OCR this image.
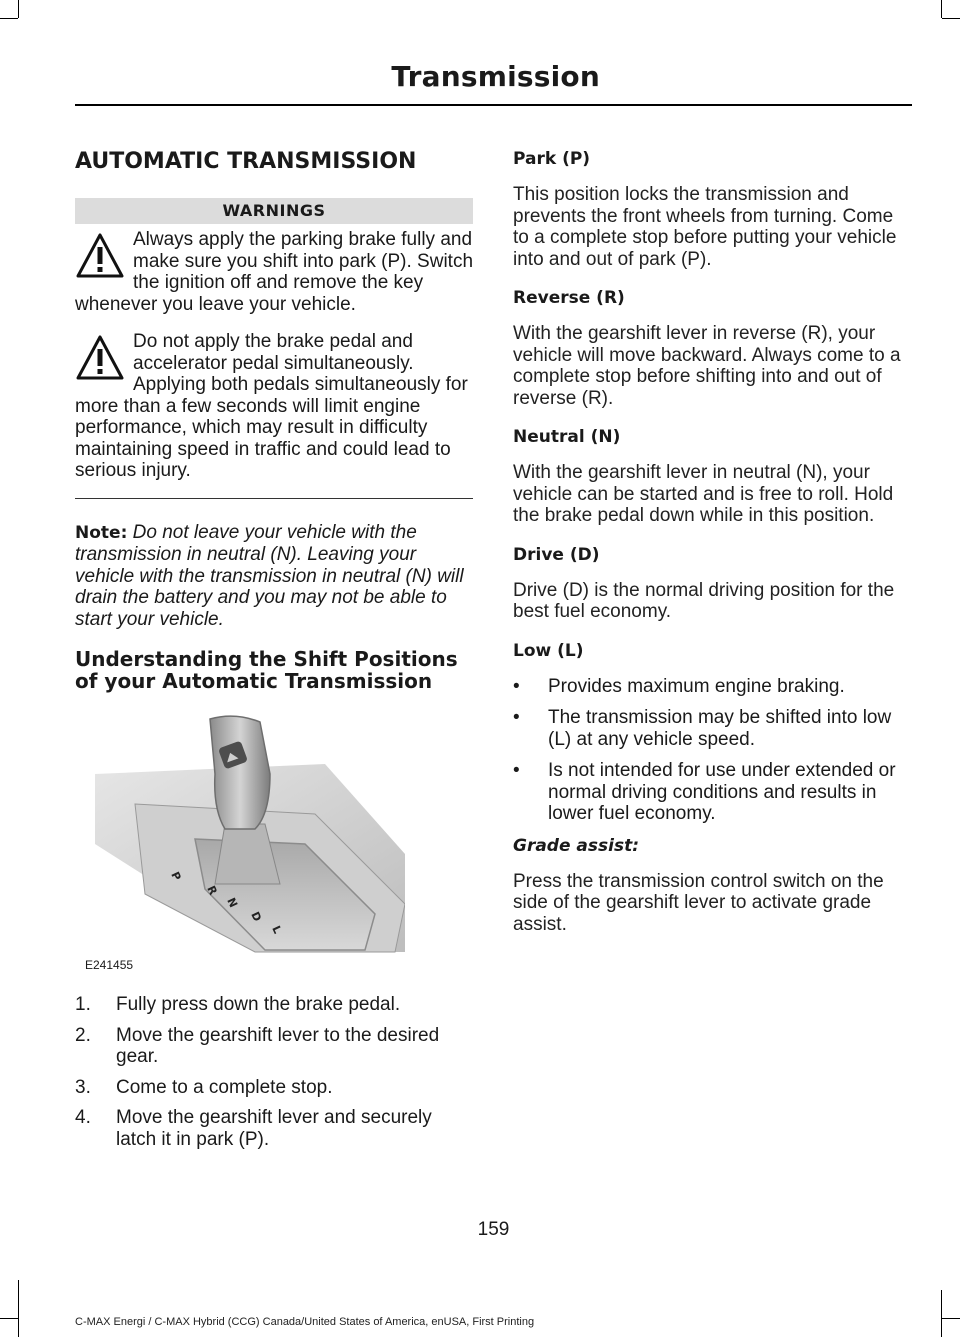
Transmission
AUTOMATIC TRANSMISSION
WARNINGS

Always apply the parking brake fully and make sure you shift into park (P). Switch the ignition off and remove the key whenever you leave your vehicle.

Do not apply the brake pedal and accelerator pedal simultaneously. Applying both pedals simultaneously for more than a few seconds will limit engine performance, which may result in difficulty maintaining speed in traffic and could lead to serious injury.

Note: Do not leave your vehicle with the transmission in neutral (N). Leaving your vehicle with the transmission in neutral (N) will drain the battery and you may not be able to start your vehicle.

Understanding the Shift Positions of your Automatic Transmission
P
R
N
D
L
E241455
1. Fully press down the brake pedal.
2. Move the gearshift lever to the desired gear.
3. Come to a complete stop.
4. Move the gearshift lever and securely latch it in park (P).
Park (P)

This position locks the transmission and prevents the front wheels from turning. Come to a complete stop before putting your vehicle into and out of park (P).

Reverse (R)

With the gearshift lever in reverse (R), your vehicle will move backward. Always come to a complete stop before shifting into and out of reverse (R).

Neutral (N)

With the gearshift lever in neutral (N), your vehicle can be started and is free to roll. Hold the brake pedal down while in this position.

Drive (D)

Drive (D) is the normal driving position for the best fuel economy.

Low (L)
• Provides maximum engine braking.
• The transmission may be shifted into low (L) at any vehicle speed.
• Is not intended for use under extended or normal driving conditions and results in lower fuel economy.
Grade assist:

Press the transmission control switch on the side of the gearshift lever to activate grade assist.

159
C-MAX Energi / C-MAX Hybrid (CCG) Canada/United States of America, enUSA, First Printing
